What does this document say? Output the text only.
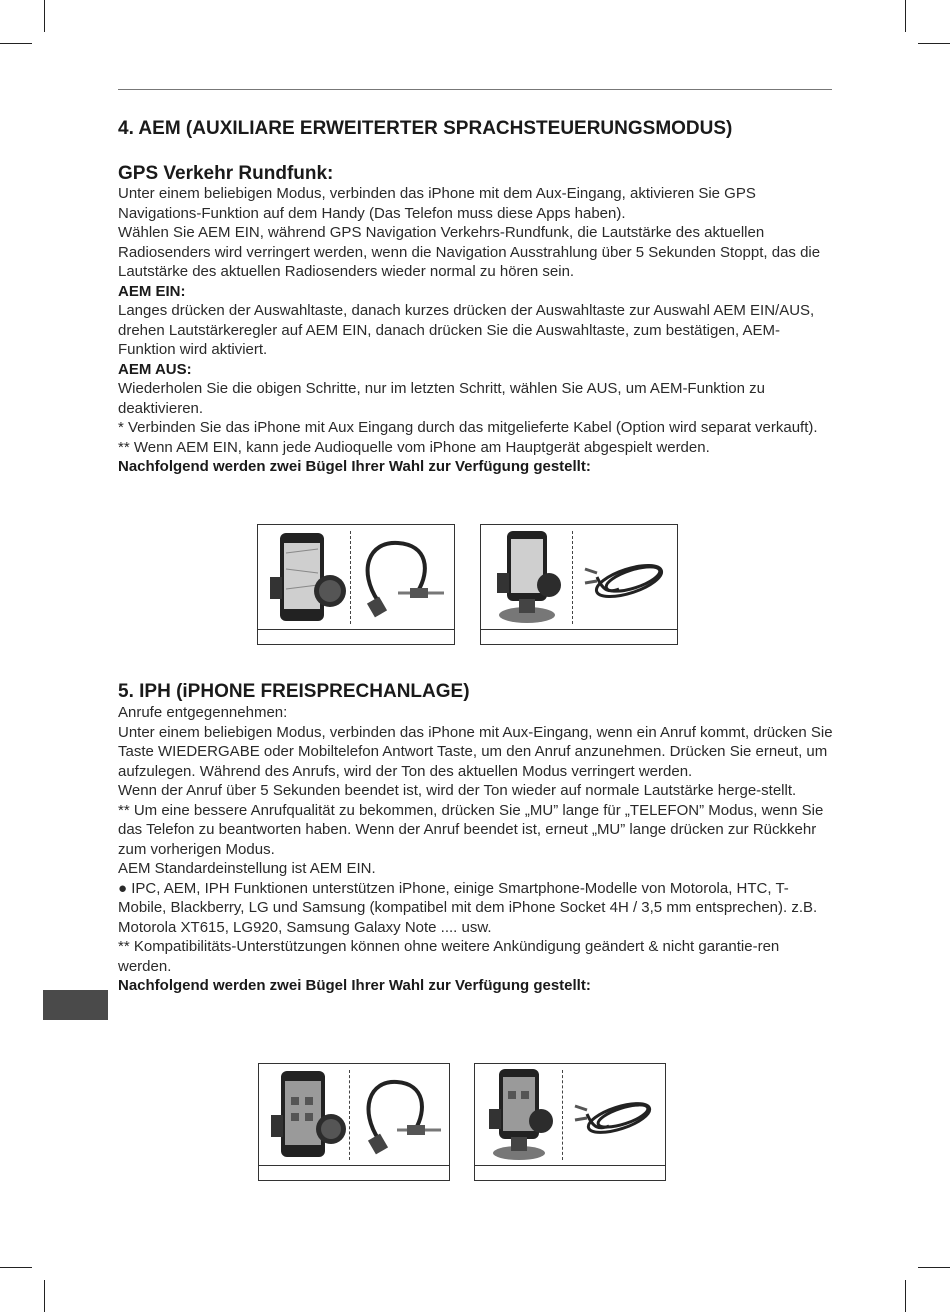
4. AEM (AUXILIARE ERWEITERTER SPRACHSTEUERUNGSMODUS)
GPS Verkehr Rundfunk:

Unter einem beliebigen Modus, verbinden das iPhone mit dem Aux-Eingang, aktivieren Sie GPS Navigations-Funktion auf dem Handy (Das Telefon muss diese Apps haben).

Wählen Sie AEM EIN, während GPS Navigation Verkehrs-Rundfunk, die Lautstärke des aktuellen Radiosenders wird verringert werden, wenn die Navigation Ausstrahlung über 5 Sekunden Stoppt, das die Lautstärke des aktuellen Radiosenders wieder normal zu hören sein.

AEM EIN:

Langes drücken der Auswahltaste, danach kurzes drücken der Auswahltaste zur Auswahl AEM EIN/AUS, drehen Lautstärkeregler auf AEM EIN, danach drücken Sie die Auswahltaste, zum bestätigen, AEM-Funktion wird aktiviert.

AEM AUS:

Wiederholen Sie die obigen Schritte, nur im letzten Schritt, wählen Sie AUS, um AEM-Funktion zu deaktivieren.

* Verbinden Sie das iPhone mit Aux Eingang durch das mitgelieferte Kabel (Option wird separat verkauft).

** Wenn AEM EIN, kann jede Audioquelle vom iPhone am Hauptgerät abgespielt werden.

Nachfolgend werden zwei Bügel Ihrer Wahl zur Verfügung gestellt:

5. IPH (iPHONE FREISPRECHANLAGE)

Anrufe entgegennehmen:

Unter einem beliebigen Modus, verbinden das iPhone mit Aux-Eingang, wenn ein Anruf kommt, drücken Sie Taste WIEDERGABE oder Mobiltelefon Antwort Taste, um den Anruf anzunehmen. Drücken Sie erneut, um aufzulegen. Während des Anrufs, wird der Ton des aktuellen Modus verringert werden.

Wenn der Anruf über 5 Sekunden beendet ist, wird der Ton wieder auf normale Lautstärke herge-stellt.

** Um eine bessere Anrufqualität zu bekommen, drücken Sie „MU” lange für „TELEFON” Modus, wenn Sie das Telefon zu beantworten haben. Wenn der Anruf beendet ist, erneut „MU” lange drücken zur Rückkehr zum vorherigen Modus.

AEM Standardeinstellung ist AEM EIN.

● IPC, AEM, IPH Funktionen unterstützen iPhone, einige Smartphone-Modelle von Motorola, HTC, T-Mobile, Blackberry, LG und Samsung (kompatibel mit dem iPhone Socket 4H / 3,5 mm entsprechen). z.B. Motorola XT615, LG920, Samsung Galaxy Note .... usw.

** Kompatibilitäts-Unterstützungen können ohne weitere Ankündigung geändert & nicht garantie-ren werden.

Nachfolgend werden zwei Bügel Ihrer Wahl zur Verfügung gestellt:
